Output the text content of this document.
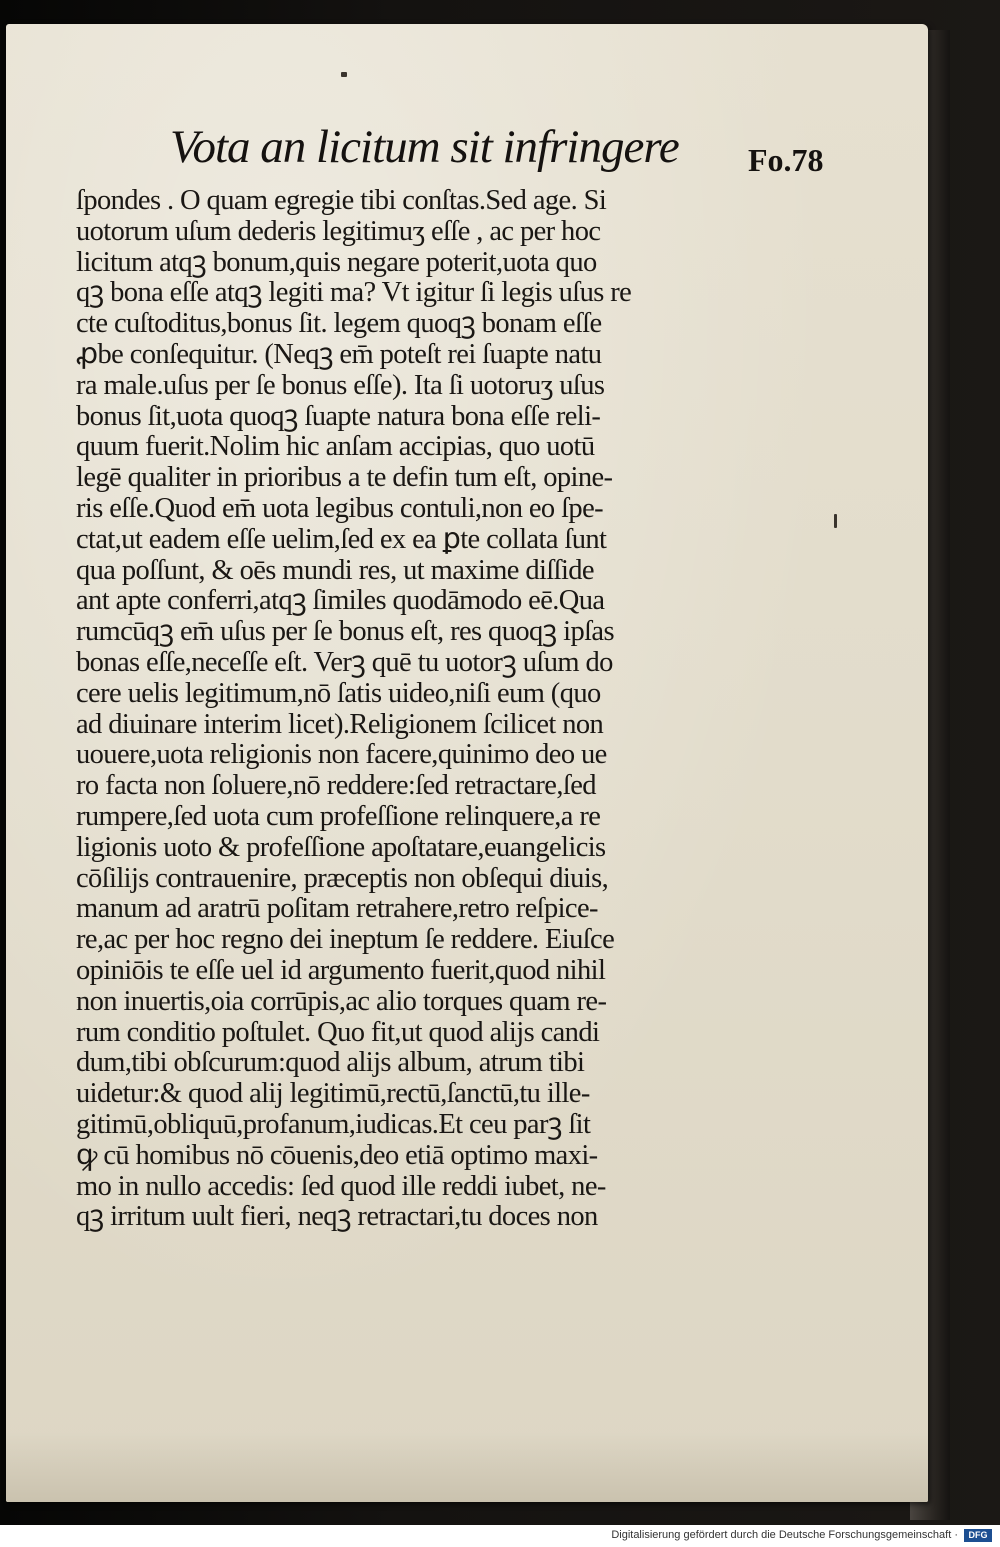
Vota an licitum sit infringere Fo.78
ſpondes . O quam egregie tibi conſtas.Sed age. Si
uotorum uſum dederis legitimuʒ eſſe , ac per hoc
licitum atqꝫ bonum,quis negare poterit,uota quo
qꝫ bona eſſe atqꝫ legiti ma? Vt igitur ſi legis uſus re
cte cuſtoditus,bonus ſit. legem quoqꝫ bonam eſſe
ꝓbe conſequitur. (Neqꝫ em̄ poteſt rei ſuapte natu
ra male.uſus per ſe bonus eſſe). Ita ſi uotoruʒ uſus
bonus ſit,uota quoqꝫ ſuapte natura bona eſſe reli-
quum fuerit.Nolim hic anſam accipias, quo uotū
legē qualiter in prioribus a te defin tum eſt, opine-
ris eſſe.Quod em̄ uota legibus contuli,non eo ſpe-
ctat,ut eadem eſſe uelim,ſed ex ea ꝑte collata ſunt
qua poſſunt, & oēs mundi res, ut maxime diſſide
ant apte conferri,atqꝫ ſimiles quodāmodo eē.Qua
rumcūqꝫ em̄ uſus per ſe bonus eſt, res quoqꝫ ipſas
bonas eſſe,neceſſe eſt. Verꝫ quē tu uotorꝫ uſum do
cere uelis legitimum,nō ſatis uideo,niſi eum (quo
ad diuinare interim licet).Religionem ſcilicet non
uouere,uota religionis non facere,quinimo deo ue
ro facta non ſoluere,nō reddere:ſed retractare,ſed
rumpere,ſed uota cum profeſſione relinquere,a re
ligionis uoto & profeſſione apoſtatare,euangelicis
cōſilijs contrauenire, præceptis non obſequi diuis,
manum ad aratrū poſitam retrahere,retro reſpice-
re,ac per hoc regno dei ineptum ſe reddere. Eiuſce
opiniōis te eſſe uel id argumento fuerit,quod nihil
non inuertis,oia corrūpis,ac alio torques quam re-
rum conditio poſtulet. Quo fit,ut quod alijs candi
dum,tibi obſcurum:quod alijs album, atrum tibi
uidetur:& quod alij legitimū,rectū,ſanctū,tu ille-
gitimū,obliquū,profanum,iudicas.Et ceu parꝫ ſit
ꝙ cū homibus nō cōuenis,deo etiā optimo maxi-
mo in nullo accedis: ſed quod ille reddi iubet, ne-
qꝫ irritum uult fieri, neqꝫ retractari,tu doces non
Digitalisierung gefördert durch die Deutsche Forschungsgemeinschaft ·	DFG
